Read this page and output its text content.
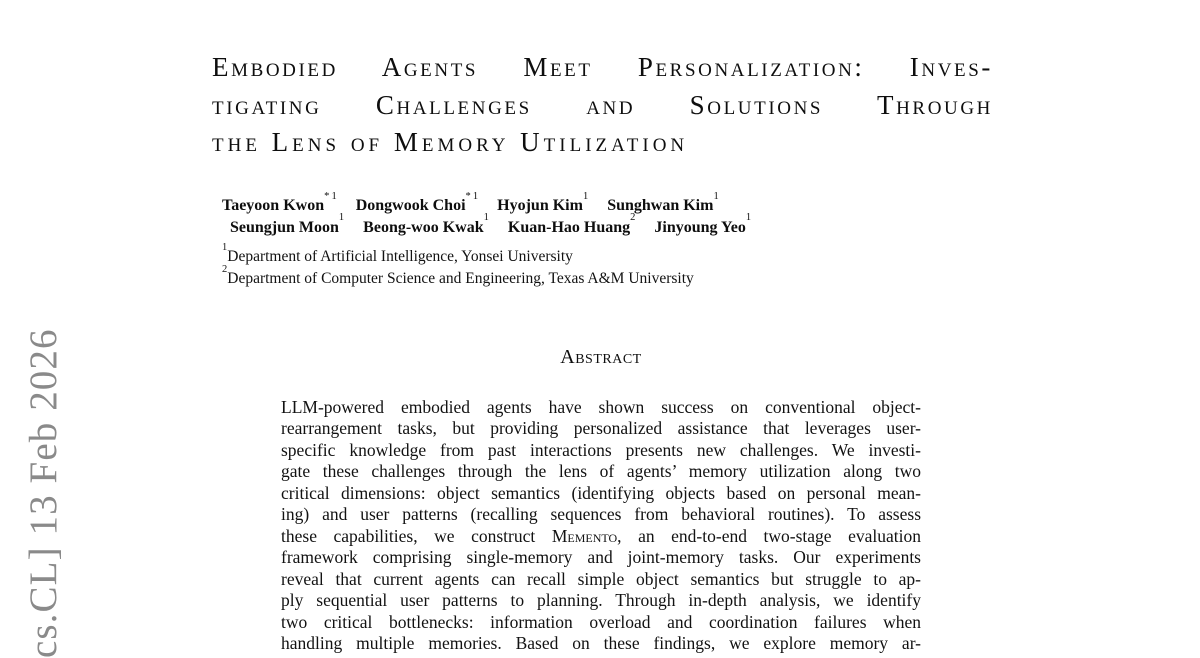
cs.CL] 13 Feb 2026
Embodied Agents Meet Personalization: Inves-
tigating Challenges and Solutions Through
the Lens of Memory Utilization
Taeyoon Kwon$^{* 1}$ Dongwook Choi$^{* 1}$ Hyojun Kim$^1$ Sunghwan Kim$^1$
Seungjun Moon$^1$ Beong-woo Kwak$^1$ Kuan-Hao Huang$^2$ Jinyoung Yeo$^1$
$^1$Department of Artificial Intelligence, Yonsei University
$^2$Department of Computer Science and Engineering, Texas A&M University
Abstract
LLM-powered embodied agents have shown success on conventional object-
rearrangement tasks, but providing personalized assistance that leverages user-
specific knowledge from past interactions presents new challenges. We investi-
gate these challenges through the lens of agents’ memory utilization along two
critical dimensions: object semantics (identifying objects based on personal mean-
ing) and user patterns (recalling sequences from behavioral routines). To assess
these capabilities, we construct Memento, an end-to-end two-stage evaluation
framework comprising single-memory and joint-memory tasks. Our experiments
reveal that current agents can recall simple object semantics but struggle to ap-
ply sequential user patterns to planning. Through in-depth analysis, we identify
two critical bottlenecks: information overload and coordination failures when
handling multiple memories. Based on these findings, we explore memory ar-
